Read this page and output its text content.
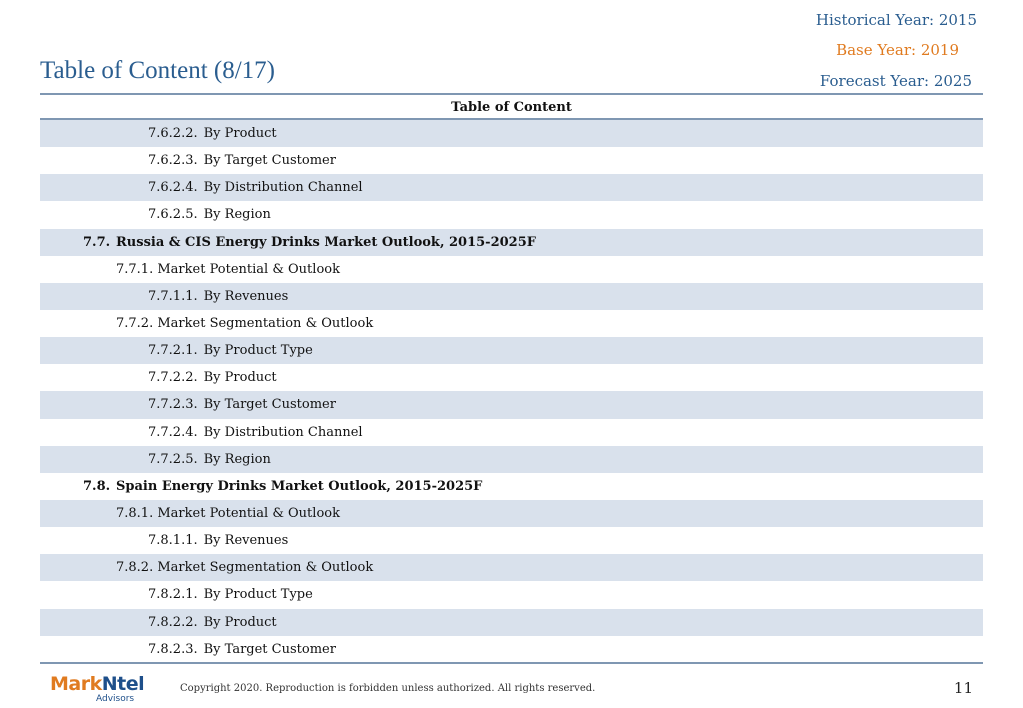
Historical Year: 2015
Base Year: 2019
Forecast Year: 2025
Table of Content (8/17)
Table of Content
7.6.2.2. By Product
7.6.2.3. By Target Customer
7.6.2.4. By Distribution Channel
7.6.2.5. By Region
7.7. Russia & CIS Energy Drinks Market Outlook, 2015-2025F
7.7.1. Market Potential & Outlook
7.7.1.1. By Revenues
7.7.2. Market Segmentation & Outlook
7.7.2.1. By Product Type
7.7.2.2. By Product
7.7.2.3. By Target Customer
7.7.2.4. By Distribution Channel
7.7.2.5. By Region
7.8. Spain Energy Drinks Market Outlook, 2015-2025F
7.8.1. Market Potential & Outlook
7.8.1.1. By Revenues
7.8.2. Market Segmentation & Outlook
7.8.2.1. By Product Type
7.8.2.2. By Product
7.8.2.3. By Target Customer
MarkNtel
Advisors
Copyright 2020. Reproduction is forbidden unless authorized. All rights reserved.	11
